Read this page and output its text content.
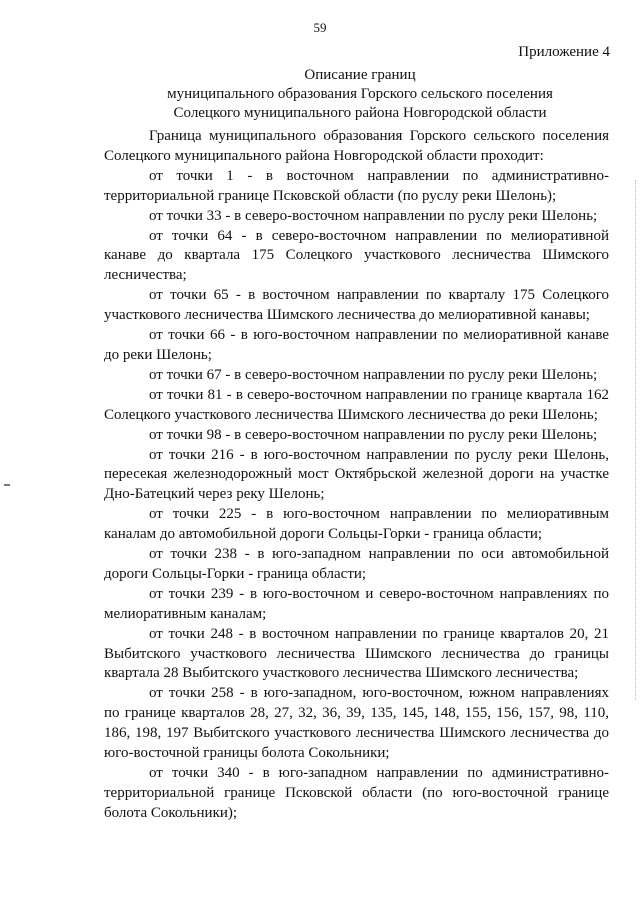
59
Приложение 4
Описание границ
муниципального образования Горского сельского поселения
Солецкого муниципального района Новгородской области

Граница муниципального образования Горского сельского поселения Солецкого муниципального района Новгородской области проходит:

от точки 1 - в восточном направлении по административно-территориальной границе Псковской области (по руслу реки Шелонь);

от точки 33 - в северо-восточном направлении по руслу реки Шелонь;

от точки 64 - в северо-восточном направлении по мелиоративной канаве до квартала 175 Солецкого участкового лесничества Шимского лесничества;

от точки 65 - в восточном направлении по кварталу 175 Солецкого участкового лесничества Шимского лесничества до мелиоративной канавы;

от точки 66 - в юго-восточном направлении по мелиоративной канаве до реки Шелонь;

от точки 67 - в северо-восточном направлении по руслу реки Шелонь;

от точки 81 - в северо-восточном направлении по границе квартала 162 Солецкого участкового лесничества Шимского лесничества до реки Шелонь;

от точки 98 - в северо-восточном направлении по руслу реки Шелонь;

от точки 216 - в юго-восточном направлении по руслу реки Шелонь, пересекая железнодорожный мост Октябрьской железной дороги на участке Дно-Батецкий через реку Шелонь;

от точки 225 - в юго-восточном направлении по мелиоративным каналам до автомобильной дороги Сольцы-Горки - граница области;

от точки 238 - в юго-западном направлении по оси автомобильной дороги Сольцы-Горки - граница области;

от точки 239 - в юго-восточном и северо-восточном направлениях по мелиоративным каналам;

от точки 248 - в восточном направлении по границе кварталов 20, 21 Выбитского участкового лесничества Шимского лесничества до границы квартала 28 Выбитского участкового лесничества Шимского лесничества;

от точки 258 - в юго-западном, юго-восточном, южном направлениях по границе кварталов 28, 27, 32, 36, 39, 135, 145, 148, 155, 156, 157, 98, 110, 186, 198, 197 Выбитского участкового лесничества Шимского лесничества до юго-восточной границы болота Сокольники;

от точки 340 - в юго-западном направлении по административно-территориальной границе Псковской области (по юго-восточной границе болота Сокольники);
